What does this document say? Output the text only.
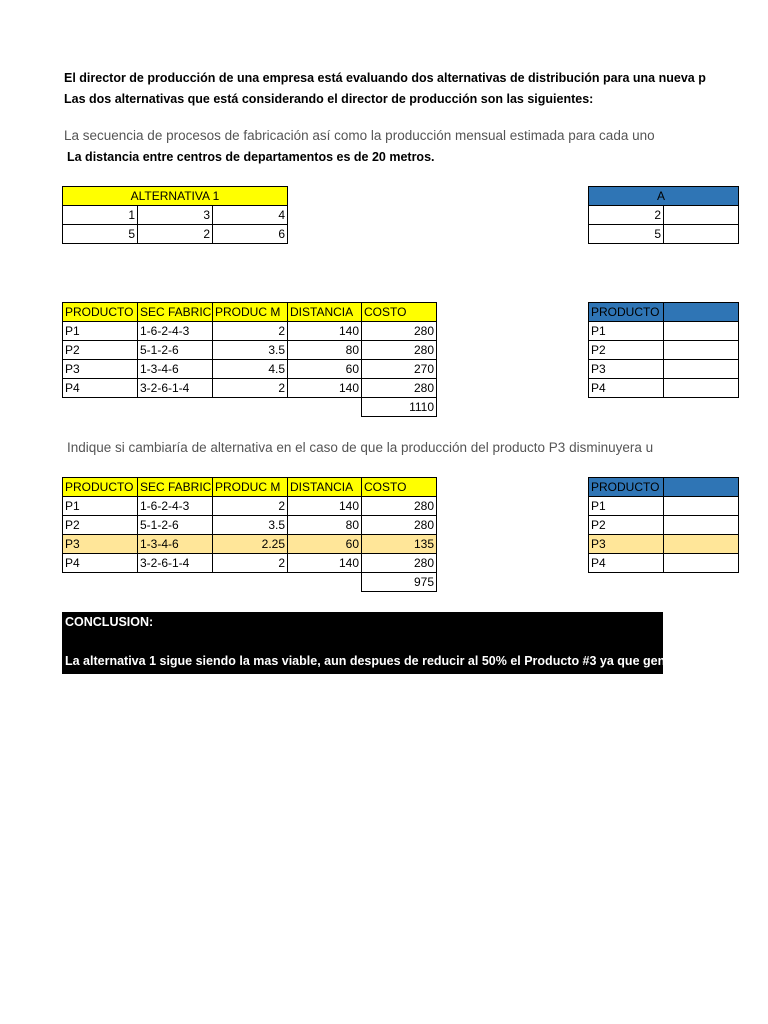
El director de producción de una empresa está evaluando dos alternativas de distribución para una nueva p
Las dos alternativas que está considerando el director de producción son las siguientes:
La secuencia de procesos de fabricación así como la producción mensual estimada para cada uno
La distancia entre centros de departamentos es de 20 metros.
ALTERNATIVA 1		
1	3	4
5	2	6
A	
2	
5	
PRODUCTO	SEC FABRIC	PRODUC M	DISTANCIA	COSTO
P1	1-6-2-4-3	2	140	280
P2	5-1-2-6	3.5	80	280
P3	1-3-4-6	4.5	60	270
P4	3-2-6-1-4	2	140	280
				1110
PRODUCTO	
P1	
P2	
P3	
P4	
Indique si cambiaría de alternativa en el caso de que la producción del producto P3 disminuyera u
PRODUCTO	SEC FABRIC	PRODUC M	DISTANCIA	COSTO
P1	1-6-2-4-3	2	140	280
P2	5-1-2-6	3.5	80	280
P3	1-3-4-6	2.25	60	135
P4	3-2-6-1-4	2	140	280
				975
PRODUCTO	
P1	
P2	
P3	
P4	
CONCLUSION:
La alternativa 1 sigue siendo la mas viable, aun despues de reducir al 50% el Producto #3 ya que genera m
